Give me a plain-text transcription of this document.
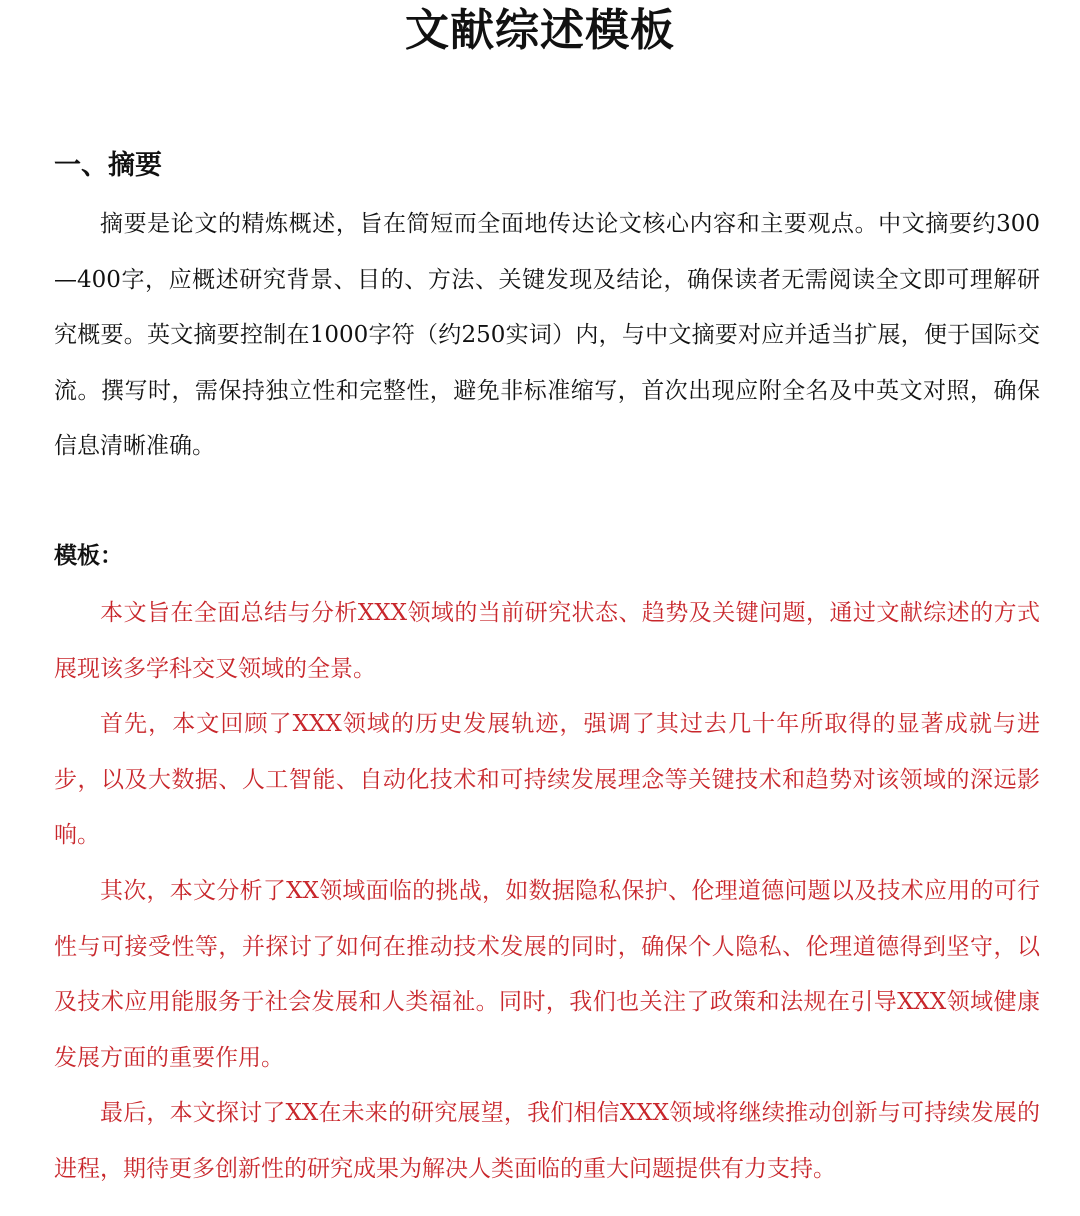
文献综述模板
一、摘要

摘要是论文的精炼概述，旨在简短而全面地传达论文核心内容和主要观点。中文摘要约300—400字，应概述研究背景、目的、方法、关键发现及结论，确保读者无需阅读全文即可理解研究概要。英文摘要控制在1000字符（约250实词）内，与中文摘要对应并适当扩展，便于国际交流。撰写时，需保持独立性和完整性，避免非标准缩写，首次出现应附全名及中英文对照，确保信息清晰准确。

模板：

本文旨在全面总结与分析XXX领域的当前研究状态、趋势及关键问题，通过文献综述的方式展现该多学科交叉领域的全景。

首先，本文回顾了XXX领域的历史发展轨迹，强调了其过去几十年所取得的显著成就与进步，以及大数据、人工智能、自动化技术和可持续发展理念等关键技术和趋势对该领域的深远影响。

其次，本文分析了XX领域面临的挑战，如数据隐私保护、伦理道德问题以及技术应用的可行性与可接受性等，并探讨了如何在推动技术发展的同时，确保个人隐私、伦理道德得到坚守，以及技术应用能服务于社会发展和人类福祉。同时，我们也关注了政策和法规在引导XXX领域健康发展方面的重要作用。

最后，本文探讨了XX在未来的研究展望，我们相信XXX领域将继续推动创新与可持续发展的进程，期待更多创新性的研究成果为解决人类面临的重大问题提供有力支持。
